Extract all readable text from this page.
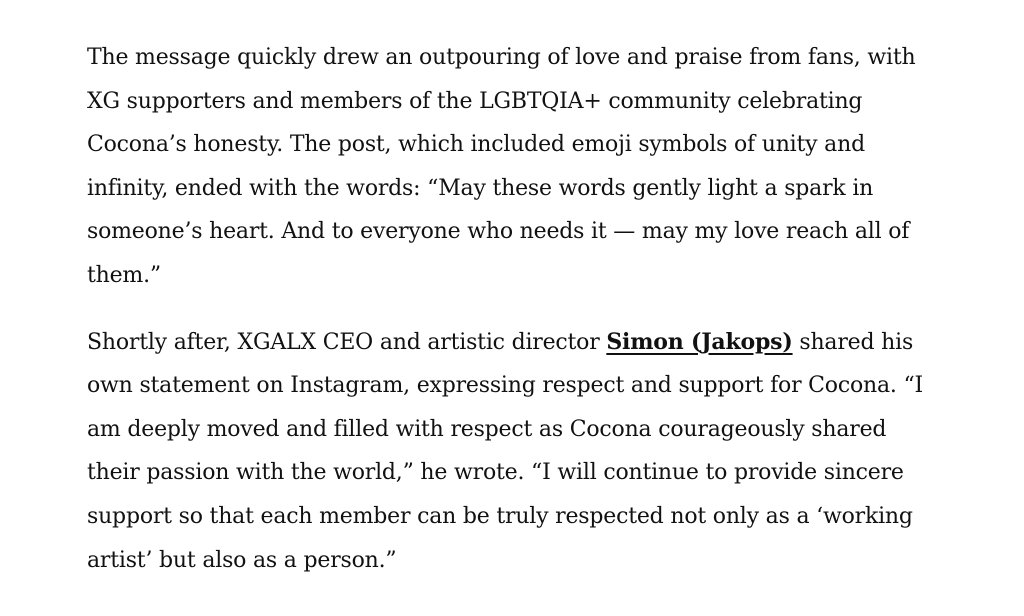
The message quickly drew an outpouring of love and praise from fans, with XG supporters and members of the LGBTQIA+ community celebrating Cocona’s honesty. The post, which included emoji symbols of unity and infinity, ended with the words: “May these words gently light a spark in someone’s heart. And to everyone who needs it — may my love reach all of them.”

Shortly after, XGALX CEO and artistic director Simon (Jakops) shared his own statement on Instagram, expressing respect and support for Cocona. “I am deeply moved and filled with respect as Cocona courageously shared their passion with the world,” he wrote. “I will continue to provide sincere support so that each member can be truly respected not only as a ‘working artist’ but also as a person.”
